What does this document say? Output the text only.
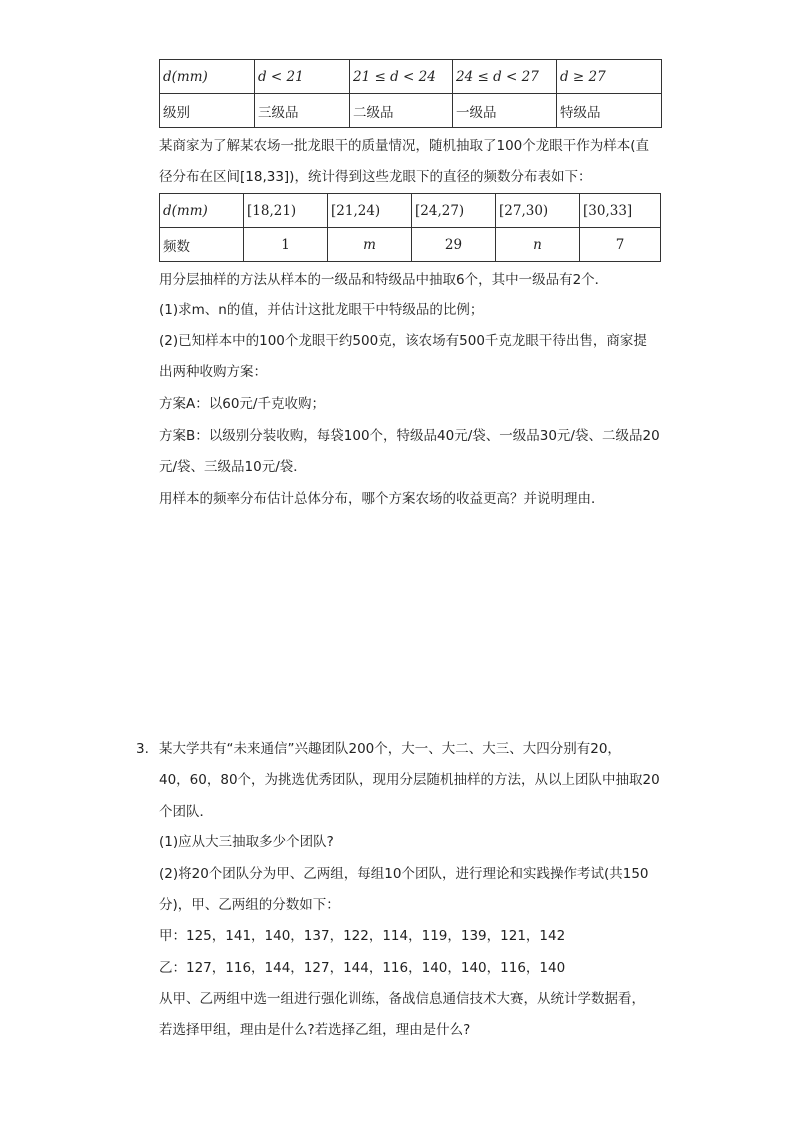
d(mm)	d < 21	21 ≤ d < 24	24 ≤ d < 27	d ≥ 27
级别	三级品	二级品	一级品	特级品
某商家为了解某农场一批龙眼干的质量情况，随机抽取了100个龙眼干作为样本(直
径分布在区间[18,33])，统计得到这些龙眼下的直径的频数分布表如下：
d(mm)	[18,21)	[21,24)	[24,27)	[27,30)	[30,33]
频数	1	m	29	n	7
用分层抽样的方法从样本的一级品和特级品中抽取6个，其中一级品有2个．
(1)求m、n的值，并估计这批龙眼干中特级品的比例；
(2)已知样本中的100个龙眼干约500克，该农场有500千克龙眼干待出售，商家提
出两种收购方案：
方案A：以60元/千克收购；
方案B：以级别分装收购，每袋100个，特级品40元/袋、一级品30元/袋、二级品20
元/袋、三级品10元/袋．
用样本的频率分布估计总体分布，哪个方案农场的收益更高？并说明理由．
3. 某大学共有“未来通信”兴趣团队200个，大一、大二、大三、大四分别有20，
40，60，80个，为挑选优秀团队，现用分层随机抽样的方法，从以上团队中抽取20
个团队．
(1)应从大三抽取多少个团队?
(2)将20个团队分为甲、乙两组，每组10个团队，进行理论和实践操作考试(共150
分)，甲、乙两组的分数如下：
甲：125，141，140，137，122，114，119，139，121，142
乙：127，116，144，127，144，116，140，140，116，140
从甲、乙两组中选一组进行强化训练，备战信息通信技术大赛，从统计学数据看，
若选择甲组，理由是什么?若选择乙组，理由是什么?
